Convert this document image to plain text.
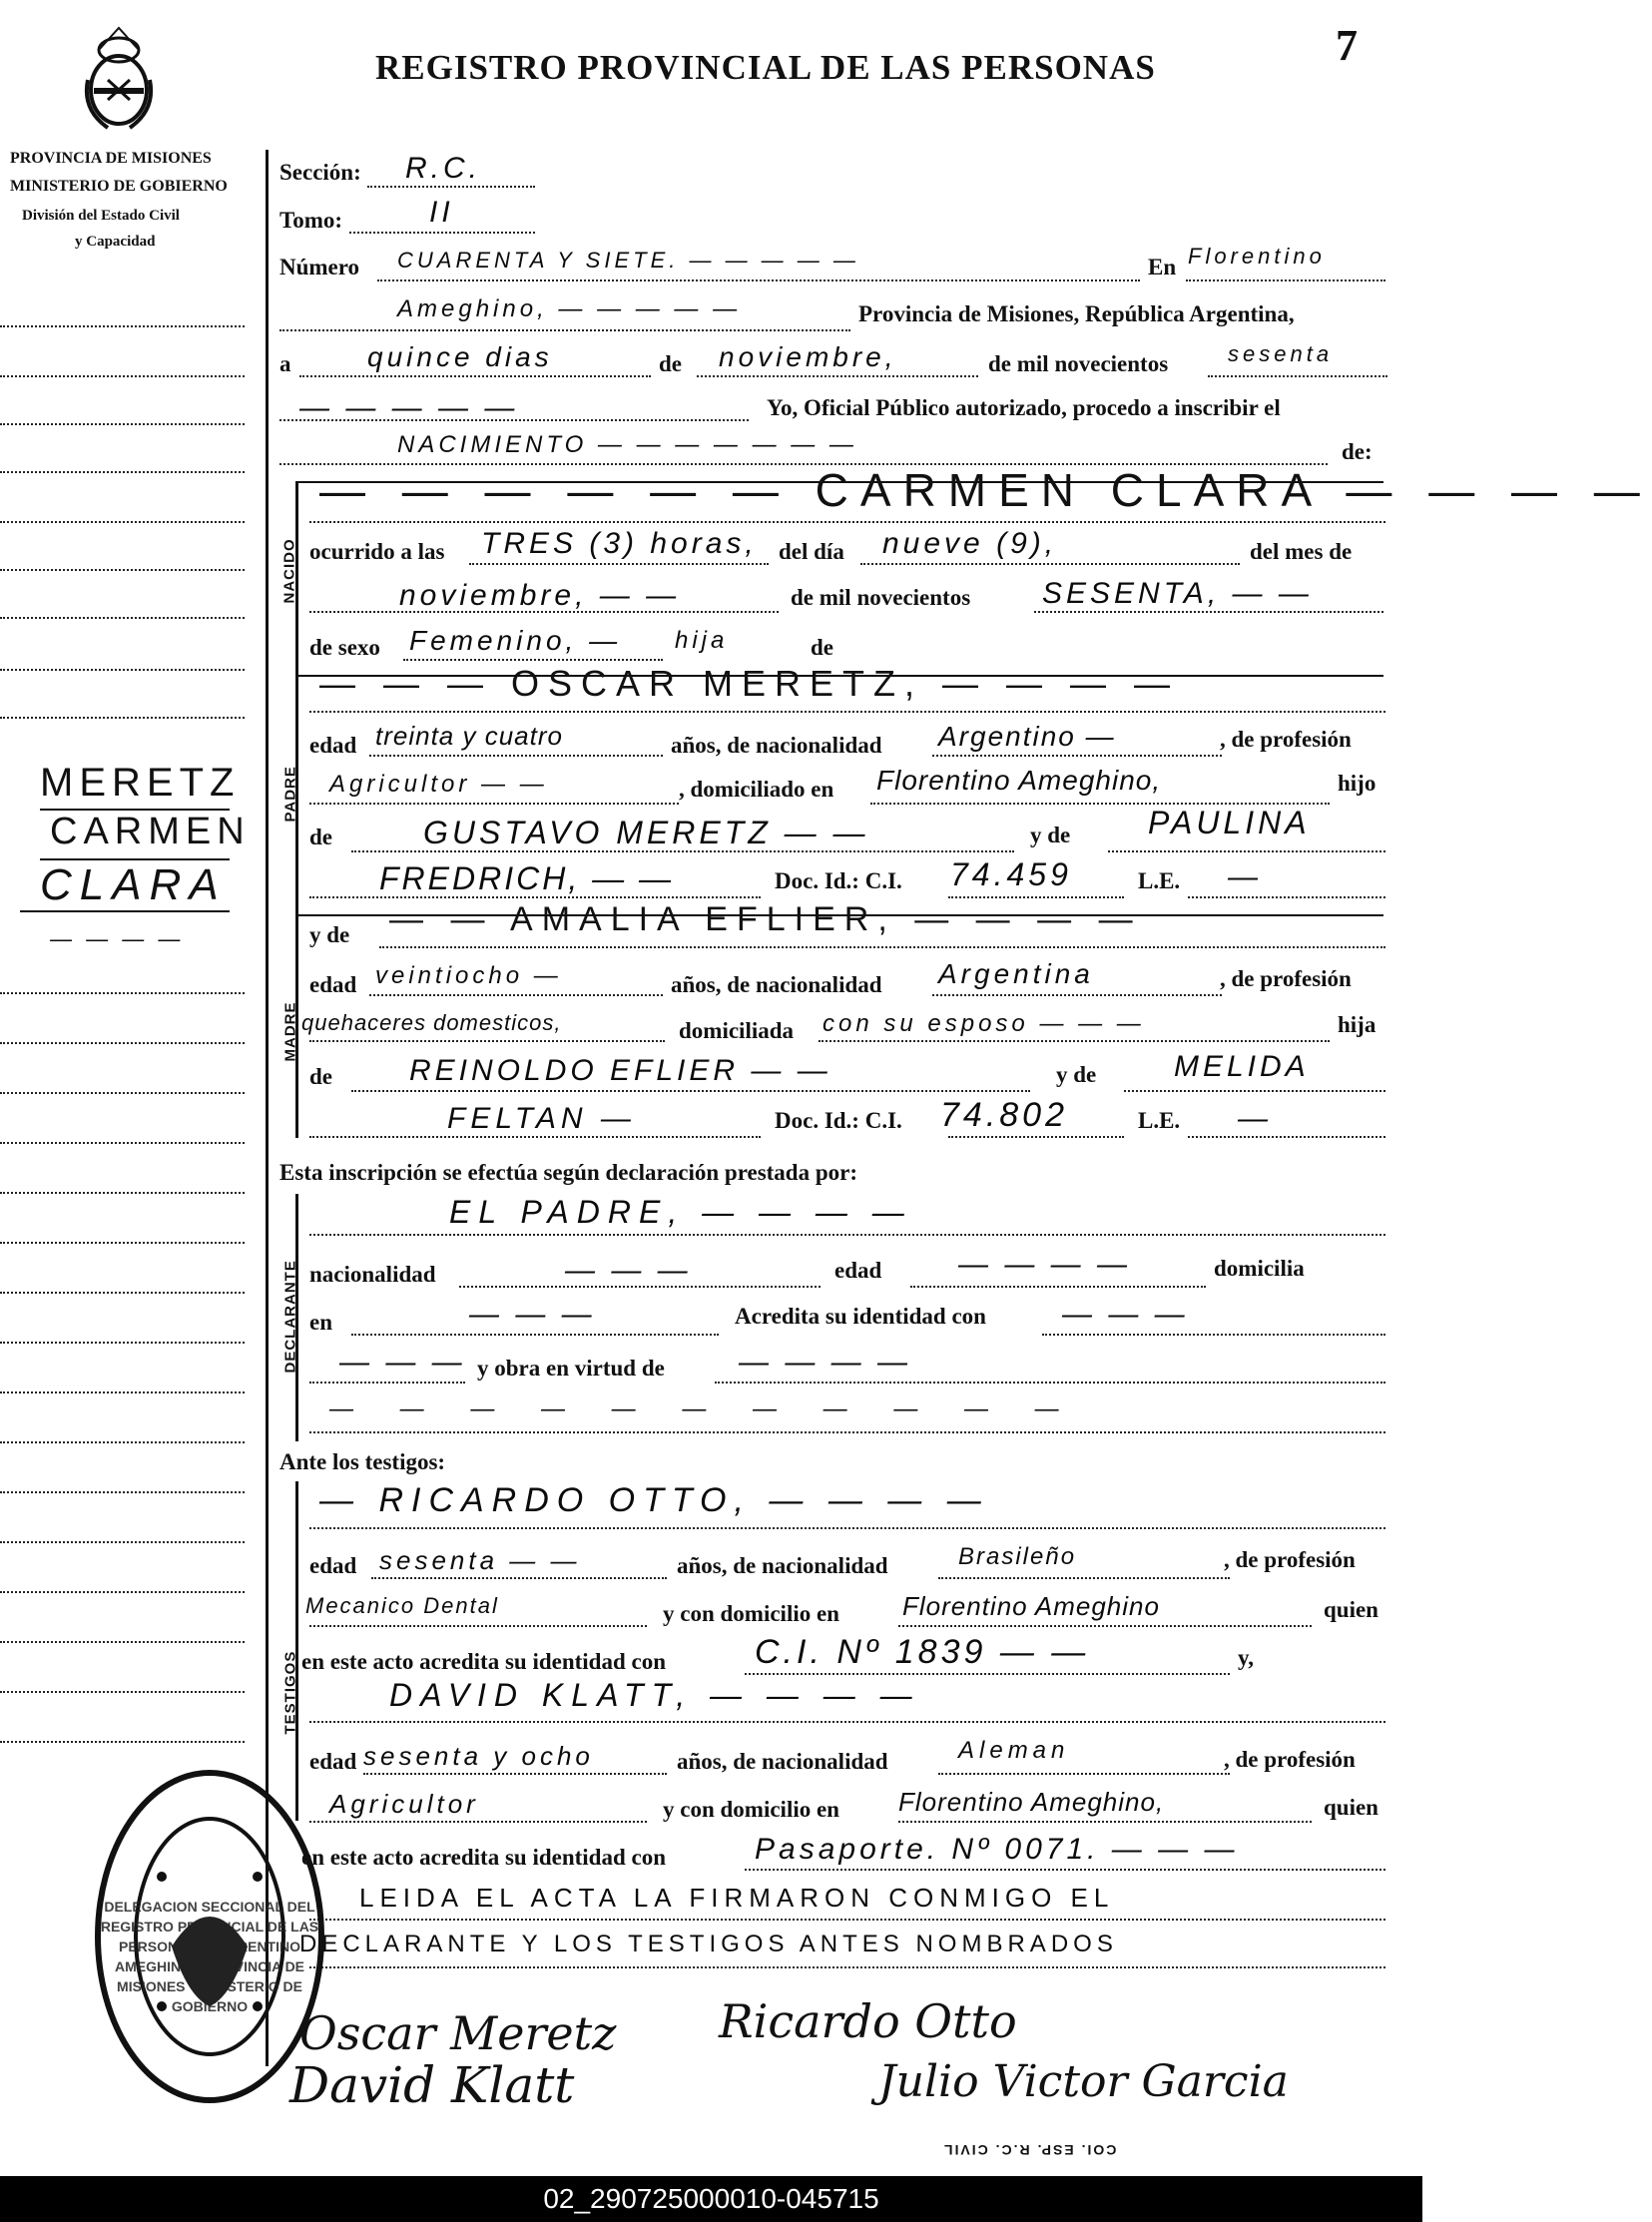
REGISTRO PROVINCIAL DE LAS PERSONAS	7
PROVINCIA DE MISIONES
MINISTERIO DE GOBIERNO
División del Estado Civil
y Capacidad
MERETZ
CARMEN
CLARA
— — — —
Sección: R.C.
Tomo:	II
Número CUARENTA Y SIETE. — — — — —	En Florentino
Ameghino, — — — — —	Provincia de Misiones, República Argentina,
a	quince dias	de noviembre,	de mil novecientos	sesenta
— — — — —	Yo, Oficial Público autorizado, procedo a inscribir el
NACIMIENTO — — — — — — —	de:
NACIDO
— — — — — — CARMEN CLARA — — — —
ocurrido a las TRES (3) horas, del día nueve (9),	del mes de
noviembre, — —	de mil novecientos SESENTA, — —
de sexo Femenino, — hija	de
PADRE
— — — OSCAR MERETZ, — — — —
edad treinta y cuatro	años, de nacionalidad Argentino —	, de profesión
Agricultor — —	, domiciliado en Florentino Ameghino,	hijo
de	GUSTAVO MERETZ — —	y de PAULINA
FREDRICH, — —	Doc. Id.: C.I. 74.459	L.E. —
MADRE
y de — — AMALIA EFLIER, — — — —
edad veintiocho —	años, de nacionalidad Argentina	, de profesión
quehaceres domesticos,	domiciliada con su esposo — — —	hija
de	REINOLDO EFLIER — —	y de	MELIDA
FELTAN —	Doc. Id.: C.I. 74.802	L.E. —
Esta inscripción se efectúa según declaración prestada por:
DECLARANTE
EL PADRE, — — — —
nacionalidad	— — —	edad	— — — —	domicilia
en	— — —	Acredita su identidad con	— — —
— — — y obra en virtud de — — — —
— — — — — — — — — — —
Ante los testigos:
TESTIGOS
— RICARDO OTTO, — — — —
edad sesenta — —	años, de nacionalidad	Brasileño	, de profesión
Mecanico Dental	y con domicilio en Florentino Ameghino	quien
en este acto acredita su identidad con	C.I. Nº 1839 — —	y,
DAVID KLATT, — — — —
edad sesenta y ocho	años, de nacionalidad	Aleman	, de profesión
Agricultor	y con domicilio en Florentino Ameghino,	quien
en este acto acredita su identidad con	Pasaporte. Nº 0071. — — —
LEIDA EL ACTA LA FIRMARON CONMIGO EL
DECLARANTE Y LOS TESTIGOS ANTES NOMBRADOS
Oscar Meretz Ricardo Otto
David Klatt	Julio Victor Garcia
DELEGACION SECCIONAL DEL REGISTRO PROVINCIAL DE LAS PERSONAS · FLORENTINO AMEGHINO · PROVINCIA DE MISIONES · MINISTERIO DE GOBIERNO
COI. ESP. R.C. CIVIL
02_290725000010-045715
